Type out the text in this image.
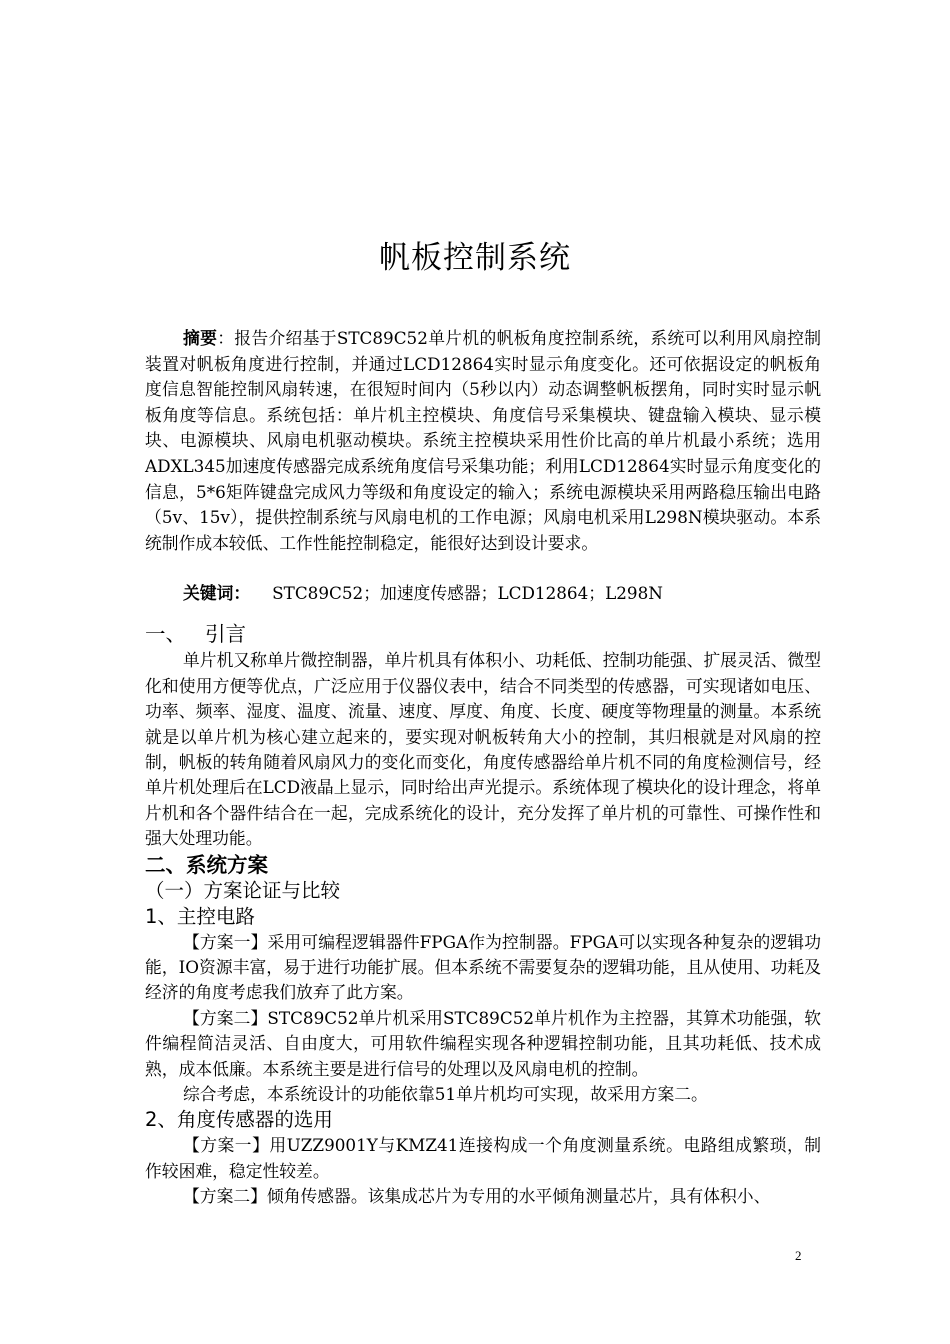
帆板控制系统
摘要：报告介绍基于STC89C52单片机的帆板角度控制系统，系统可以利用风扇控制装置对帆板角度进行控制，并通过LCD12864实时显示角度变化。还可依据设定的帆板角度信息智能控制风扇转速，在很短时间内（5秒以内）动态调整帆板摆角，同时实时显示帆板角度等信息。系统包括：单片机主控模块、角度信号采集模块、键盘输入模块、显示模块、电源模块、风扇电机驱动模块。系统主控模块采用性价比高的单片机最小系统；选用ADXL345加速度传感器完成系统角度信号采集功能；利用LCD12864实时显示角度变化的信息，5*6矩阵键盘完成风力等级和角度设定的输入；系统电源模块采用两路稳压输出电路（5v、15v），提供控制系统与风扇电机的工作电源；风扇电机采用L298N模块驱动。本系统制作成本较低、工作性能控制稳定，能很好达到设计要求。
关键词： STC89C52；加速度传感器；LCD12864；L298N
一、 引言
单片机又称单片微控制器，单片机具有体积小、功耗低、控制功能强、扩展灵活、微型化和使用方便等优点，广泛应用于仪器仪表中，结合不同类型的传感器，可实现诸如电压、功率、频率、湿度、温度、流量、速度、厚度、角度、长度、硬度等物理量的测量。本系统就是以单片机为核心建立起来的，要实现对帆板转角大小的控制，其归根就是对风扇的控制，帆板的转角随着风扇风力的变化而变化，角度传感器给单片机不同的角度检测信号，经单片机处理后在LCD液晶上显示，同时给出声光提示。系统体现了模块化的设计理念，将单片机和各个器件结合在一起，完成系统化的设计，充分发挥了单片机的可靠性、可操作性和强大处理功能。
二、系统方案
（一）方案论证与比较
1、主控电路
【方案一】采用可编程逻辑器件FPGA作为控制器。FPGA可以实现各种复杂的逻辑功能，IO资源丰富，易于进行功能扩展。但本系统不需要复杂的逻辑功能，且从使用、功耗及经济的角度考虑我们放弃了此方案。
【方案二】STC89C52单片机采用STC89C52单片机作为主控器，其算术功能强，软件编程简洁灵活、自由度大，可用软件编程实现各种逻辑控制功能，且其功耗低、技术成熟，成本低廉。本系统主要是进行信号的处理以及风扇电机的控制。
综合考虑，本系统设计的功能依靠51单片机均可实现，故采用方案二。
2、角度传感器的选用
【方案一】用UZZ9001Y与KMZ41连接构成一个角度测量系统。电路组成繁琐，制作较困难，稳定性较差。
【方案二】倾角传感器。该集成芯片为专用的水平倾角测量芯片，具有体积小、
2
